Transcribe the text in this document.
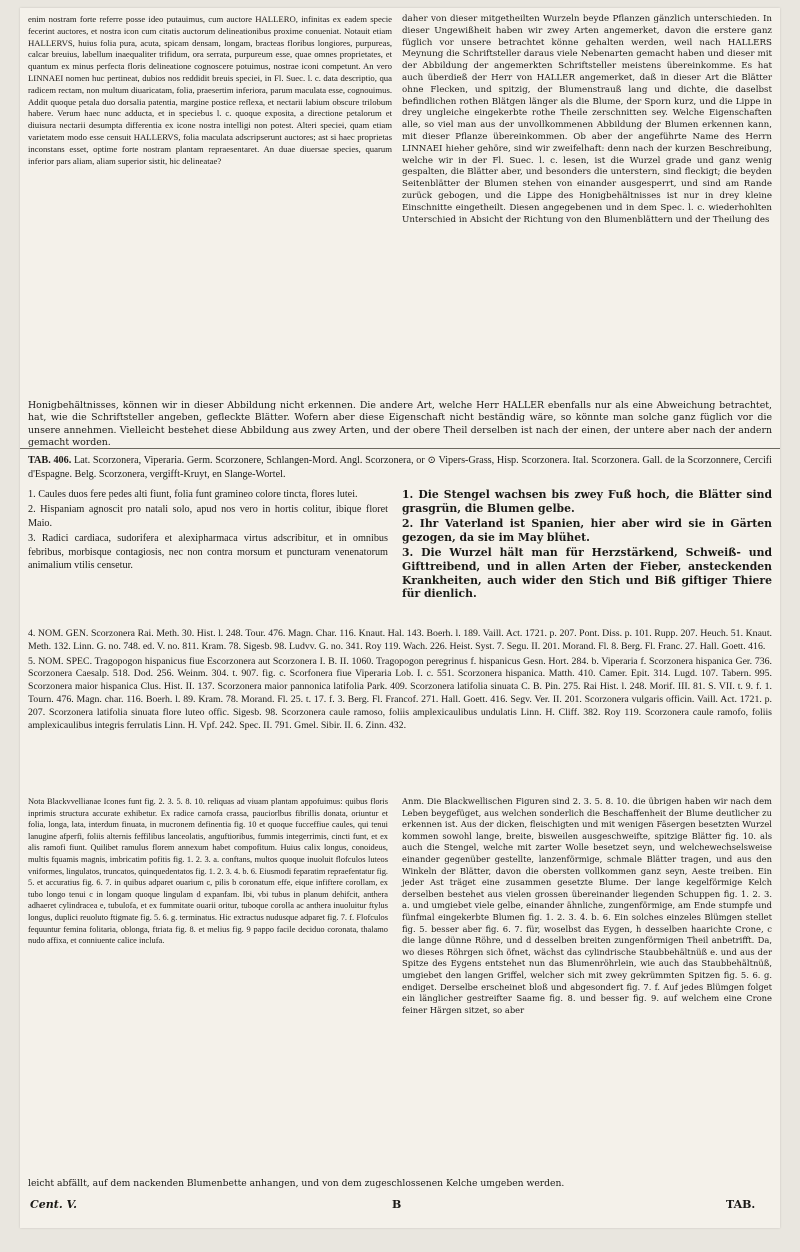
enim nostram forte referre posse ideo putauimus, cum auctore HALLERO, infinitas ex eadem specie fecerint auctores, et nostra icon cum citatis auctorum delineationibus proxime conueniat. Notauit etiam HALLERVS, huius folia pura, acuta, spicam densam, longam, bracteas floribus longiores, purpureas, calcar breuius, labellum inaequaliter trifidum, ora serrata, purpureum esse, quae omnes proprietates, et quantum ex minus perfecta floris delineatione cognoscere potuimus, nostrae iconi competunt. An vero LINNAEI nomen huc pertineat, dubios nos reddidit breuis speciei, in Fl. Suec. l. c. data descriptio, qua radicem rectam, non multum diuaricatam, folia, praesertim inferiora, parum maculata esse, cognouimus. Addit quoque petala duo dorsalia patentia, margine postice reflexa, et nectarii labium obscure trilobum habere. Verum haec nunc adducta, et in speciebus l. c. quoque exposita, a directione petalorum et diuisura nectarii desumpta differentia ex icone nostra intelligi non potest. Alteri speciei, quam etiam varietatem modo esse censuit HALLERVS, folia maculata adscripserunt auctores; ast si haec proprietas inconstans esset, optime forte nostram plantam repraesentaret. An duae diuersae species, quarum inferior pars aliam, aliam superior sistit, hic delineatae?
daher von dieser mitgetheilten Wurzeln beyde Pflanzen gänzlich unterschieden. In dieser Ungewißheit haben wir zwey Arten angemerket, davon die erstere ganz füglich vor unsere betrachtet könne gehalten werden, weil nach HALLERS Meynung die Schriftsteller daraus viele Nebenarten gemacht haben und dieser mit der Abbildung der angemerkten Schriftsteller meistens übereinkomme. Es hat auch überdieß der Herr von HALLER angemerket, daß in dieser Art die Blätter ohne Flecken, und spitzig, der Blumenstrauß lang und dichte, die daselbst befindlichen rothen Blätgen länger als die Blume, der Sporn kurz, und die Lippe in drey ungleiche eingekerbte rothe Theile zerschnitten sey. Welche Eigenschaften alle, so viel man aus der unvollkommenen Abbildung der Blumen erkennen kann, mit dieser Pflanze übereinkommen. Ob aber der angeführte Name des Herrn LINNAEI hieher gehöre, sind wir zweifelhaft: denn nach der kurzen Beschreibung, welche wir in der Fl. Suec. l. c. lesen, ist die Wurzel grade und ganz wenig gespalten, die Blätter aber, und besonders die unterstern, sind fleckigt; die beyden Seitenblätter der Blumen stehen von einander ausgesperrt, und sind am Rande zurück gebogen, und die Lippe des Honigbehältnisses ist nur in drey kleine Einschnitte eingetheilt. Diesen angegebenen und in dem Spec. l. c. wiederhohlten Unterschied in Absicht der Richtung von den Blumenblättern und der Theilung des
Honigbehältnisses, können wir in dieser Abbildung nicht erkennen. Die andere Art, welche Herr HALLER ebenfalls nur als eine Abweichung betrachtet, hat, wie die Schriftsteller angeben, gefleckte Blätter. Wofern aber diese Eigenschaft nicht beständig wäre, so könnte man solche ganz füglich vor die unsere annehmen. Vielleicht bestehet diese Abbildung aus zwey Arten, und der obere Theil derselben ist nach der einen, der untere aber nach der andern gemacht worden.
TAB. 406. Lat. Scorzonera, Viperaria. Germ. Scorzonere, Schlangen-Mord. Angl. Scorzonera, or ⊙ Vipers-Grass, Hisp. Scorzonera. Ital. Scorzonera. Gall. de la Scorzonnere, Cercifi d'Espagne. Belg. Scorzonera, vergifft-Kruyt, en Slange-Wortel.

1. Caules duos fere pedes alti fiunt, folia funt gramineo colore tincta, flores lutei.

2. Hispaniam agnoscit pro natali solo, apud nos vero in hortis colitur, ibique floret Maio.

3. Radici cardiaca, sudorifera et alexipharmaca virtus adscribitur, et in omnibus febribus, morbisque contagiosis, nec non contra morsum et puncturam venenatorum animalium vtilis censetur.

1. Die Stengel wachsen bis zwey Fuß hoch, die Blätter sind grasgrün, die Blumen gelbe.

2. Ihr Vaterland ist Spanien, hier aber wird sie in Gärten gezogen, da sie im May blühet.

3. Die Wurzel hält man für Herzstärkend, Schweiß- und Gifttreibend, und in allen Arten der Fieber, ansteckenden Krankheiten, auch wider den Stich und Biß giftiger Thiere für dienlich.

4. NOM. GEN. Scorzonera Rai. Meth. 30. Hist. l. 248. Tour. 476. Magn. Char. 116. Knaut. Hal. 143. Boerh. l. 189. Vaill. Act. 1721. p. 207. Pont. Diss. p. 101. Rupp. 207. Heuch. 51. Knaut. Meth. 132. Linn. G. no. 748. ed. V. no. 811. Kram. 78. Sigesb. 98. Ludvv. G. no. 341. Roy 119. Wach. 226. Heist. Syst. 7. Segu. II. 201. Morand. Fl. 8. Berg. Fl. Franc. 27. Hall. Goett. 416.

5. NOM. SPEC. Tragopogon hispanicus fiue Escorzonera aut Scorzonera I. B. II. 1060. Tragopogon peregrinus f. hispanicus Gesn. Hort. 284. b. Viperaria f. Scorzonera hispanica Ger. 736. Scorzonera Caesalp. 518. Dod. 256. Weinm. 304. t. 907. fig. c. Scorfonera fiue Viperaria Lob. I. c. 551. Scorzonera hispanica. Matth. 410. Camer. Epit. 314. Lugd. 107. Tabern. 995. Scorzonera maior hispanica Clus. Hist. II. 137. Scorzonera maior pannonica latifolia Park. 409. Scorzonera latifolia sinuata C. B. Pin. 275. Rai Hist. l. 248. Morif. III. 81. S. VII. t. 9. f. 1. Tourn. 476. Magn. char. 116. Boerh. l. 89. Kram. 78. Morand. Fl. 25. t. 17. f. 3. Berg. Fl. Francof. 271. Hall. Goett. 416. Segv. Ver. II. 201. Scorzonera vulgaris officin. Vaill. Act. 1721. p. 207. Scorzonera latifolia sinuata flore luteo offic. Sigesb. 98. Scorzonera caule ramoso, foliis amplexicaulibus undulatis Linn. H. Cliff. 382. Roy 119. Scorzonera caule ramofo, foliis amplexicaulibus integris ferrulatis Linn. H. Vpf. 242. Spec. II. 791. Gmel. Sibir. II. 6. Zinn. 432.

Nota Blackvvellianae Icones funt fig. 2. 3. 5. 8. 10. reliquas ad viuam plantam appofuimus: quibus floris inprimis structura accurate exhibetur. Ex radice carnofa crassa, pauciorlbus fibrillis donata, oriuntur et folia, longa, lata, interdum finuata, in mucronem definentia fig. 10 et quoque fucceffiue caules, qui tenui lanugine afperfi, foliis alternis feffilibus lanceolatis, anguftioribus, fummis integerrimis, cincti funt, et ex alis ramofi fiunt. Quilibet ramulus florem annexum habet compofitum. Huius calix longus, conoideus, multis fquamis magnis, imbricatim pofitis fig. 1. 2. 3. a. conftans, multos quoque inuoluit flofculos luteos vniformes, lingulatos, truncatos, quinquedentatos fig. 1. 2. 3. 4. b. 6. Eiusmodi feparatim repraefentatur fig. 5. et accuratius fig. 6. 7. in quibus adparet ouarium c, pilis b coronatum effe, eique infiftere corollam, ex tubo longo tenui c in longam quoque lingulam d expanfam. Ibi, vbi tubus in planum dehifcit, anthera adhaeret cylindracea e, tubulofa, et ex fummitate ouarii oritur, tuboque corolla ac anthera inuoluitur ftylus longus, duplici reuoluto ftigmate fig. 5. 6. g. terminatus. Hic extractus nudusque adparet fig. 7. f. Flofculos fequuntur femina folitaria, oblonga, ftriata fig. 8. et melius fig. 9 pappo facile deciduo coronata, thalamo nudo affixa, et conniuente calice inclufa.
Anm. Die Blackwellischen Figuren sind 2. 3. 5. 8. 10. die übrigen haben wir nach dem Leben beygefüget, aus welchen sonderlich die Beschaffenheit der Blume deutlicher zu erkennen ist. Aus der dicken, fleischigten und mit wenigen Fäsergen besetzten Wurzel kommen sowohl lange, breite, bisweilen ausgeschweifte, spitzige Blätter fig. 10. als auch die Stengel, welche mit zarter Wolle besetzet seyn, und welchewechselsweise einander gegenüber gestellte, lanzenförmige, schmale Blätter tragen, und aus den Winkeln der Blätter, davon die obersten vollkommen ganz seyn, Aeste treiben. Ein jeder Ast träget eine zusammen gesetzte Blume. Der lange kegelförmige Kelch derselben bestehet aus vielen grossen übereinander liegenden Schuppen fig. 1. 2. 3. a. und umgiebet viele gelbe, einander ähnliche, zungenförmige, am Ende stumpfe und fünfmal eingekerbte Blumen fig. 1. 2. 3. 4. b. 6. Ein solches einzeles Blümgen stellet fig. 5. besser aber fig. 6. 7. für, woselbst das Eygen, h desselben haarichte Crone, c die lange dünne Röhre, und d desselben breiten zungenförmigen Theil anbetrifft. Da, wo dieses Röhrgen sich öfnet, wächst das cylindrische Staubbehältnüß e. und aus der Spitze des Eygens entstehet nun das Blumenröhrlein, wie auch das Staubbehältnüß, umgiebet den langen Griffel, welcher sich mit zwey gekrümmten Spitzen fig. 5. 6. g. endiget. Derselbe erscheinet bloß und abgesondert fig. 7. f. Auf jedes Blümgen folget ein länglicher gestreifter Saame fig. 8. und besser fig. 9. auf welchem eine Crone feiner Härgen sitzet, so aber
leicht abfällt, auf dem nackenden Blumenbette anhangen, und von dem zugeschlossenen Kelche umgeben werden.
Cent. V.	B	TAB.
